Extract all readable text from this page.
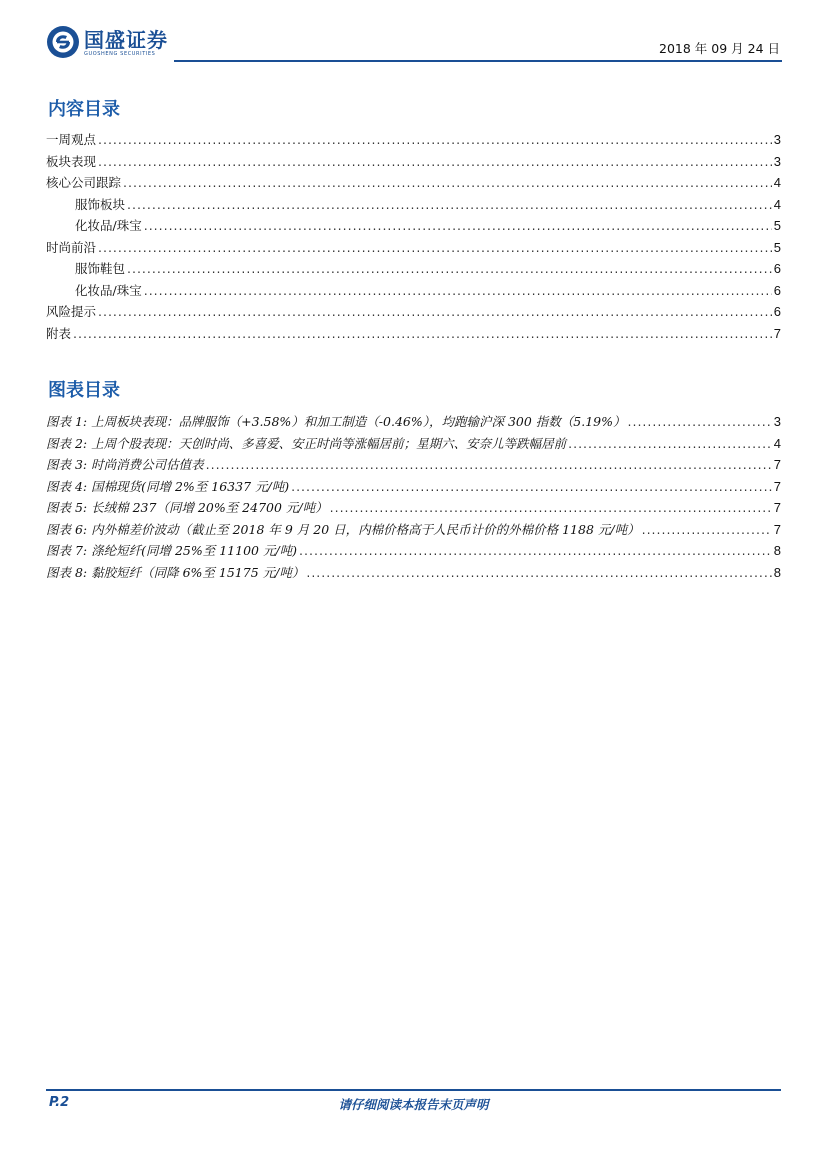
国盛证券
GUOSHENG SECURITIES	2018 年 09 月 24 日
内容目录
一周观点 .....	3
板块表现 .....	3
核心公司跟踪 .....	4
服饰板块 .....	4
化妆品/珠宝 .....	5
时尚前沿 .....	5
服饰鞋包 .....	6
化妆品/珠宝 .....	6
风险提示 .....	6
附表 .....	7
图表目录
图表 1: 上周板块表现：品牌服饰（+3.58%）和加工制造（-0.46%），均跑输沪深 300 指数（5.19%） .....	3
图表 2: 上周个股表现：天创时尚、多喜爱、安正时尚等涨幅居前；星期六、安奈儿等跌幅居前 .....	4
图表 3: 时尚消费公司估值表 .....	7
图表 4: 国棉现货(同增 2%至 16337 元/吨) .....	7
图表 5: 长绒棉 237（同增 20%至 24700 元/吨） .....	7
图表 6: 内外棉差价波动（截止至 2018 年 9 月 20 日，内棉价格高于人民币计价的外棉价格 1188 元/吨） .....	7
图表 7: 涤纶短纤(同增 25%至 11100 元/吨) .....	8
图表 8: 黏胶短纤（同降 6%至 15175 元/吨） .....	8
P.2	请仔细阅读本报告末页声明
